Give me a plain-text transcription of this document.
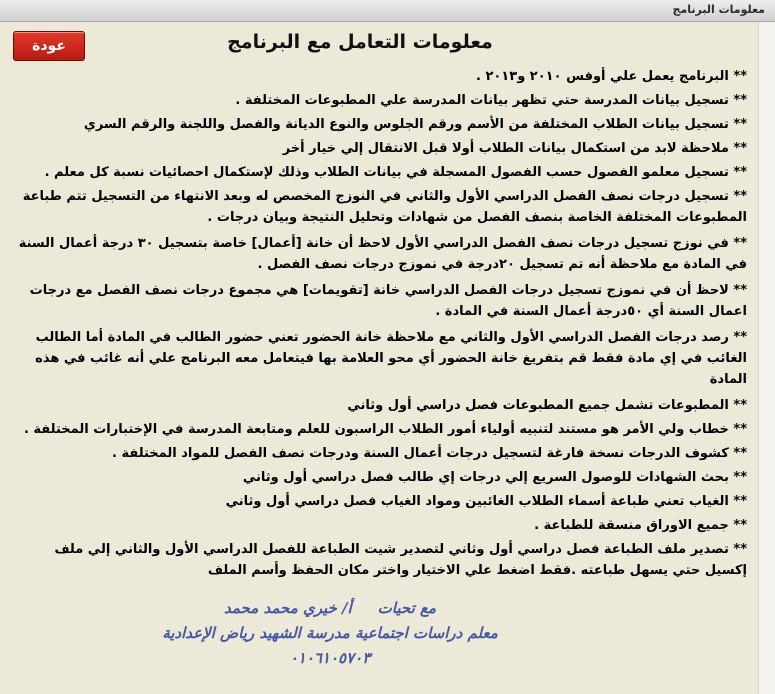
معلومات البرنامج
عودة	معلومات التعامل مع البرنامج
** البرنامج يعمل علي أوفس ٢٠١٠ و٢٠١٣ .
** تسجيل بيانات المدرسة حتي تظهر بيانات المدرسة علي المطبوعات المختلفة .
** تسجيل بيانات الطلاب المختلفة من الأسم ورقم الجلوس والنوع الديانة والفصل واللجنة والرقم السري
** ملاحظة لابد من استكمال بيانات الطلاب أولا قبل الانتقال إلي خيار أخر
** تسجيل معلمو الفصول حسب الفصول المسجلة في بيانات الطلاب وذلك لإستكمال احصائيات نسبة كل معلم .
** تسجيل درجات نصف الفصل الدراسي الأول والثاني في النوزج المخصص له وبعد الانتهاء من التسجيل تتم طباعة المطبوعات المختلفة الخاصة بنصف الفصل من شهادات وتحليل النتيجة وبيان درجات .
** في نوزج تسجيل درجات نصف الفصل الدراسي الأول لاحظ أن خانة [أعمال] خاصة بتسجيل ٣٠ درجة أعمال السنة في المادة مع ملاحظة أنه تم تسجيل ٢٠درجة في نموزج درجات نصف الفصل .
** لاحظ أن في نموزج تسجيل درجات الفصل الدراسي خانة [تقويمات] هي مجموع درجات نصف الفصل مع درجات اعمال السنة أي ٥٠درجة أعمال السنة في المادة .
** رصد درجات الفصل الدراسي الأول والثاني مع ملاحظة خانة الحضور تعني حضور الطالب في المادة أما الطالب الغائب في إي مادة فقط قم بتفريغ خانة الحضور أي محو العلامة بها فيتعامل معه البرنامج علي أنه غائب في هذه المادة
** المطبوعات تشمل جميع المطبوعات فصل دراسي أول وثاني
** خطاب ولي الأمر هو مستند لتنبيه أولياء أمور الطلاب الراسبون للعلم ومتابعة المدرسة في الإختبارات المختلفة .
** كشوف الدرجات نسخة فارغة لتسجيل درجات أعمال السنة ودرجات نصف الفصل للمواد المختلفة .
** بحث الشهادات للوصول السريع إلي درجات إي طالب فصل دراسي أول وثاني
** الغياب تعني طباعة أسماء الطلاب الغائبين ومواد الغياب فصل دراسي أول وثاني
** جميع الاوراق منسقة للطباعة .
** تصدير ملف الطباعة فصل دراسي أول وثاني لتصدير شيت الطباعة للفصل الدراسي الأول والثاني إلي ملف إكسيل حتي يسهل طباعته .فقط اضغط علي الاختيار واختر مكان الحفظ وأسم الملف
مع تحيات
أ/ خيري محمد محمد
معلم دراسات اجتماعية مدرسة الشهيد رياض الإعدادية
٠١٠٦١٠٥٧٠٣
